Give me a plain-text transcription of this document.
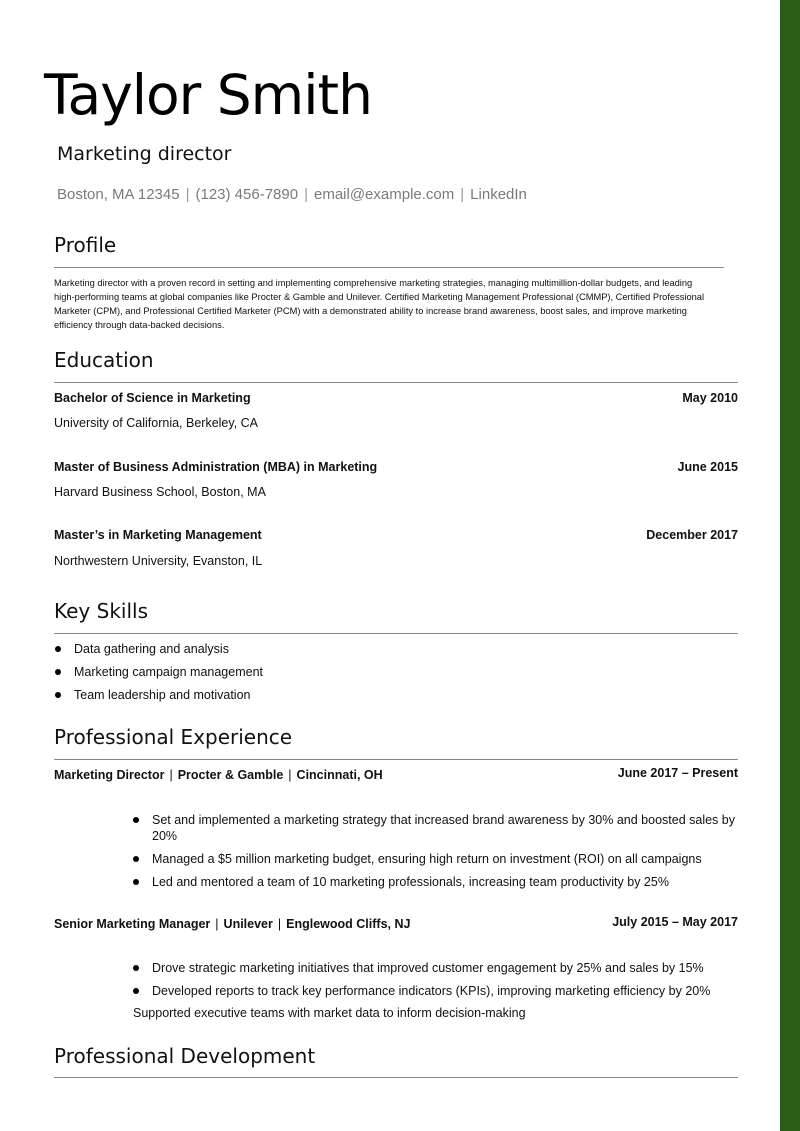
Taylor Smith
Marketing director
Boston, MA 12345 | (123) 456-7890 | email@example.com | LinkedIn
Profile
Marketing director with a proven record in setting and implementing comprehensive marketing strategies, managing multimillion-dollar budgets, and leading high-performing teams at global companies like Procter & Gamble and Unilever. Certified Marketing Management Professional (CMMP), Certified Professional Marketer (CPM), and Professional Certified Marketer (PCM) with a demonstrated ability to increase brand awareness, boost sales, and improve marketing efficiency through data-backed decisions.
Education
Bachelor of Science in Marketing	May 2010
University of California, Berkeley, CA
Master of Business Administration (MBA) in Marketing	June 2015
Harvard Business School, Boston, MA
Master’s in Marketing Management	December 2017
Northwestern University, Evanston, IL
Key Skills
Data gathering and analysis
Marketing campaign management
Team leadership and motivation
Professional Experience
Marketing Director | Procter & Gamble | Cincinnati, OH	June 2017 – Present
Set and implemented a marketing strategy that increased brand awareness by 30% and boosted sales by 20%
Managed a $5 million marketing budget, ensuring high return on investment (ROI) on all campaigns
Led and mentored a team of 10 marketing professionals, increasing team productivity by 25%
Senior Marketing Manager | Unilever | Englewood Cliffs, NJ	July 2015 – May 2017
Drove strategic marketing initiatives that improved customer engagement by 25% and sales by 15%
Developed reports to track key performance indicators (KPIs), improving marketing efficiency by 20%
Supported executive teams with market data to inform decision-making
Professional Development
